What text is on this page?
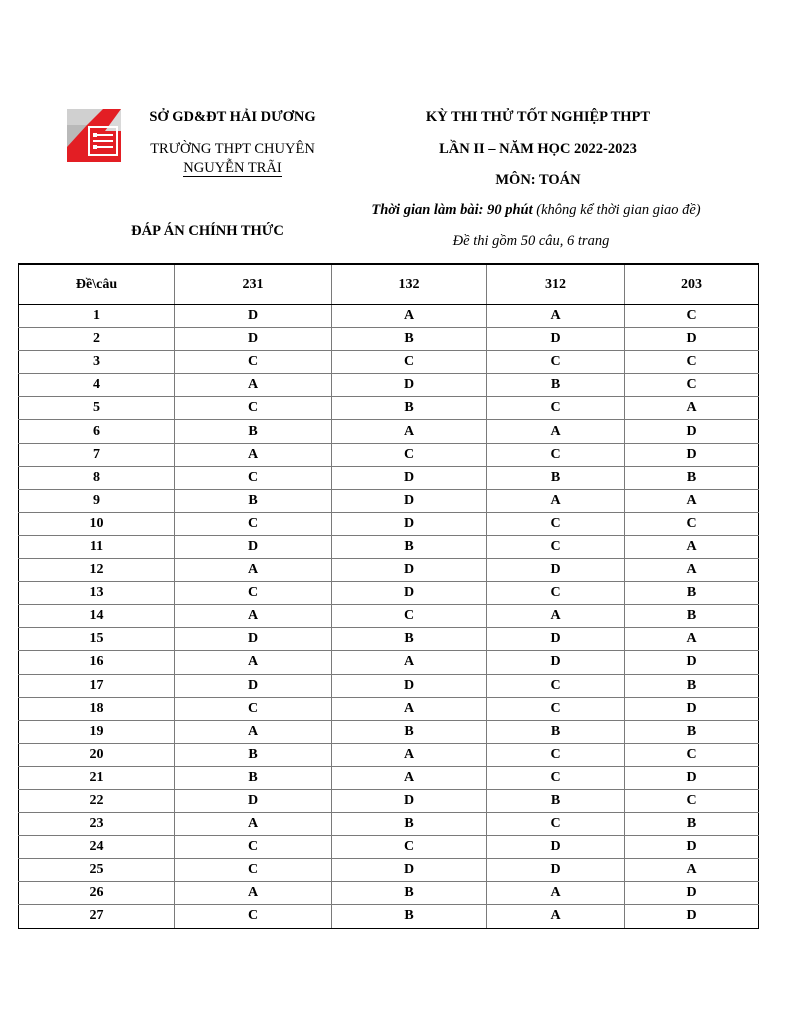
SỞ GD&ĐT HẢI DƯƠNG
TRƯỜNG THPT CHUYÊN
NGUYỄN TRÃI
ĐÁP ÁN CHÍNH THỨC
KỲ THI THỬ TỐT NGHIỆP THPT
LẦN II – NĂM HỌC 2022-2023
MÔN: TOÁN
Thời gian làm bài: 90 phút (không kể thời gian giao đề)
Đề thi gồm 50 câu, 6 trang
Đề\câu	231	132	312	203
1	D	A	A	C
2	D	B	D	D
3	C	C	C	C
4	A	D	B	C
5	C	B	C	A
6	B	A	A	D
7	A	C	C	D
8	C	D	B	B
9	B	D	A	A
10	C	D	C	C
11	D	B	C	A
12	A	D	D	A
13	C	D	C	B
14	A	C	A	B
15	D	B	D	A
16	A	A	D	D
17	D	D	C	B
18	C	A	C	D
19	A	B	B	B
20	B	A	C	C
21	B	A	C	D
22	D	D	B	C
23	A	B	C	B
24	C	C	D	D
25	C	D	D	A
26	A	B	A	D
27	C	B	A	D
